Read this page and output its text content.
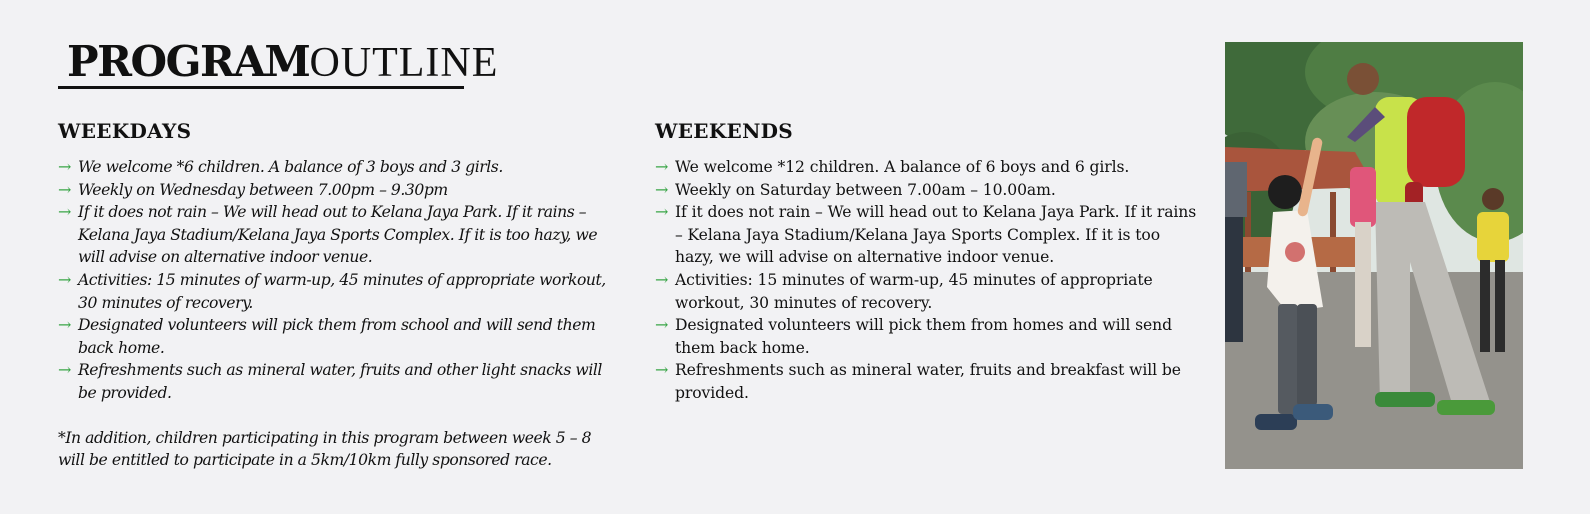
PROGRAMOUTLINE
WEEKDAYS
→ We welcome *6 children. A balance of 3 boys and 3 girls.
→ Weekly on Wednesday between 7.00pm – 9.30pm
→ If it does not rain – We will head out to Kelana Jaya Park. If it rains – Kelana Jaya Stadium/Kelana Jaya Sports Complex. If it is too hazy, we will advise on alternative indoor venue.
→ Activities: 15 minutes of warm-up, 45 minutes of appropriate workout, 30 minutes of recovery.
→ Designated volunteers will pick them from school and will send them back home.
→ Refreshments such as mineral water, fruits and other light snacks will be provided.
*In addition, children participating in this program between week 5 – 8 will be entitled to participate in a 5km/10km fully sponsored race.
WEEKENDS
→ We welcome *12 children. A balance of 6 boys and 6 girls.
→ Weekly on Saturday between 7.00am – 10.00am.
→ If it does not rain – We will head out to Kelana Jaya Park. If it rains – Kelana Jaya Stadium/Kelana Jaya Sports Complex. If it is too hazy, we will advise on alternative indoor venue.
→ Activities: 15 minutes of warm-up, 45 minutes of appropriate workout, 30 minutes of recovery.
→ Designated volunteers will pick them from homes and will send them back home.
→ Refreshments such as mineral water, fruits and breakfast will be provided.
